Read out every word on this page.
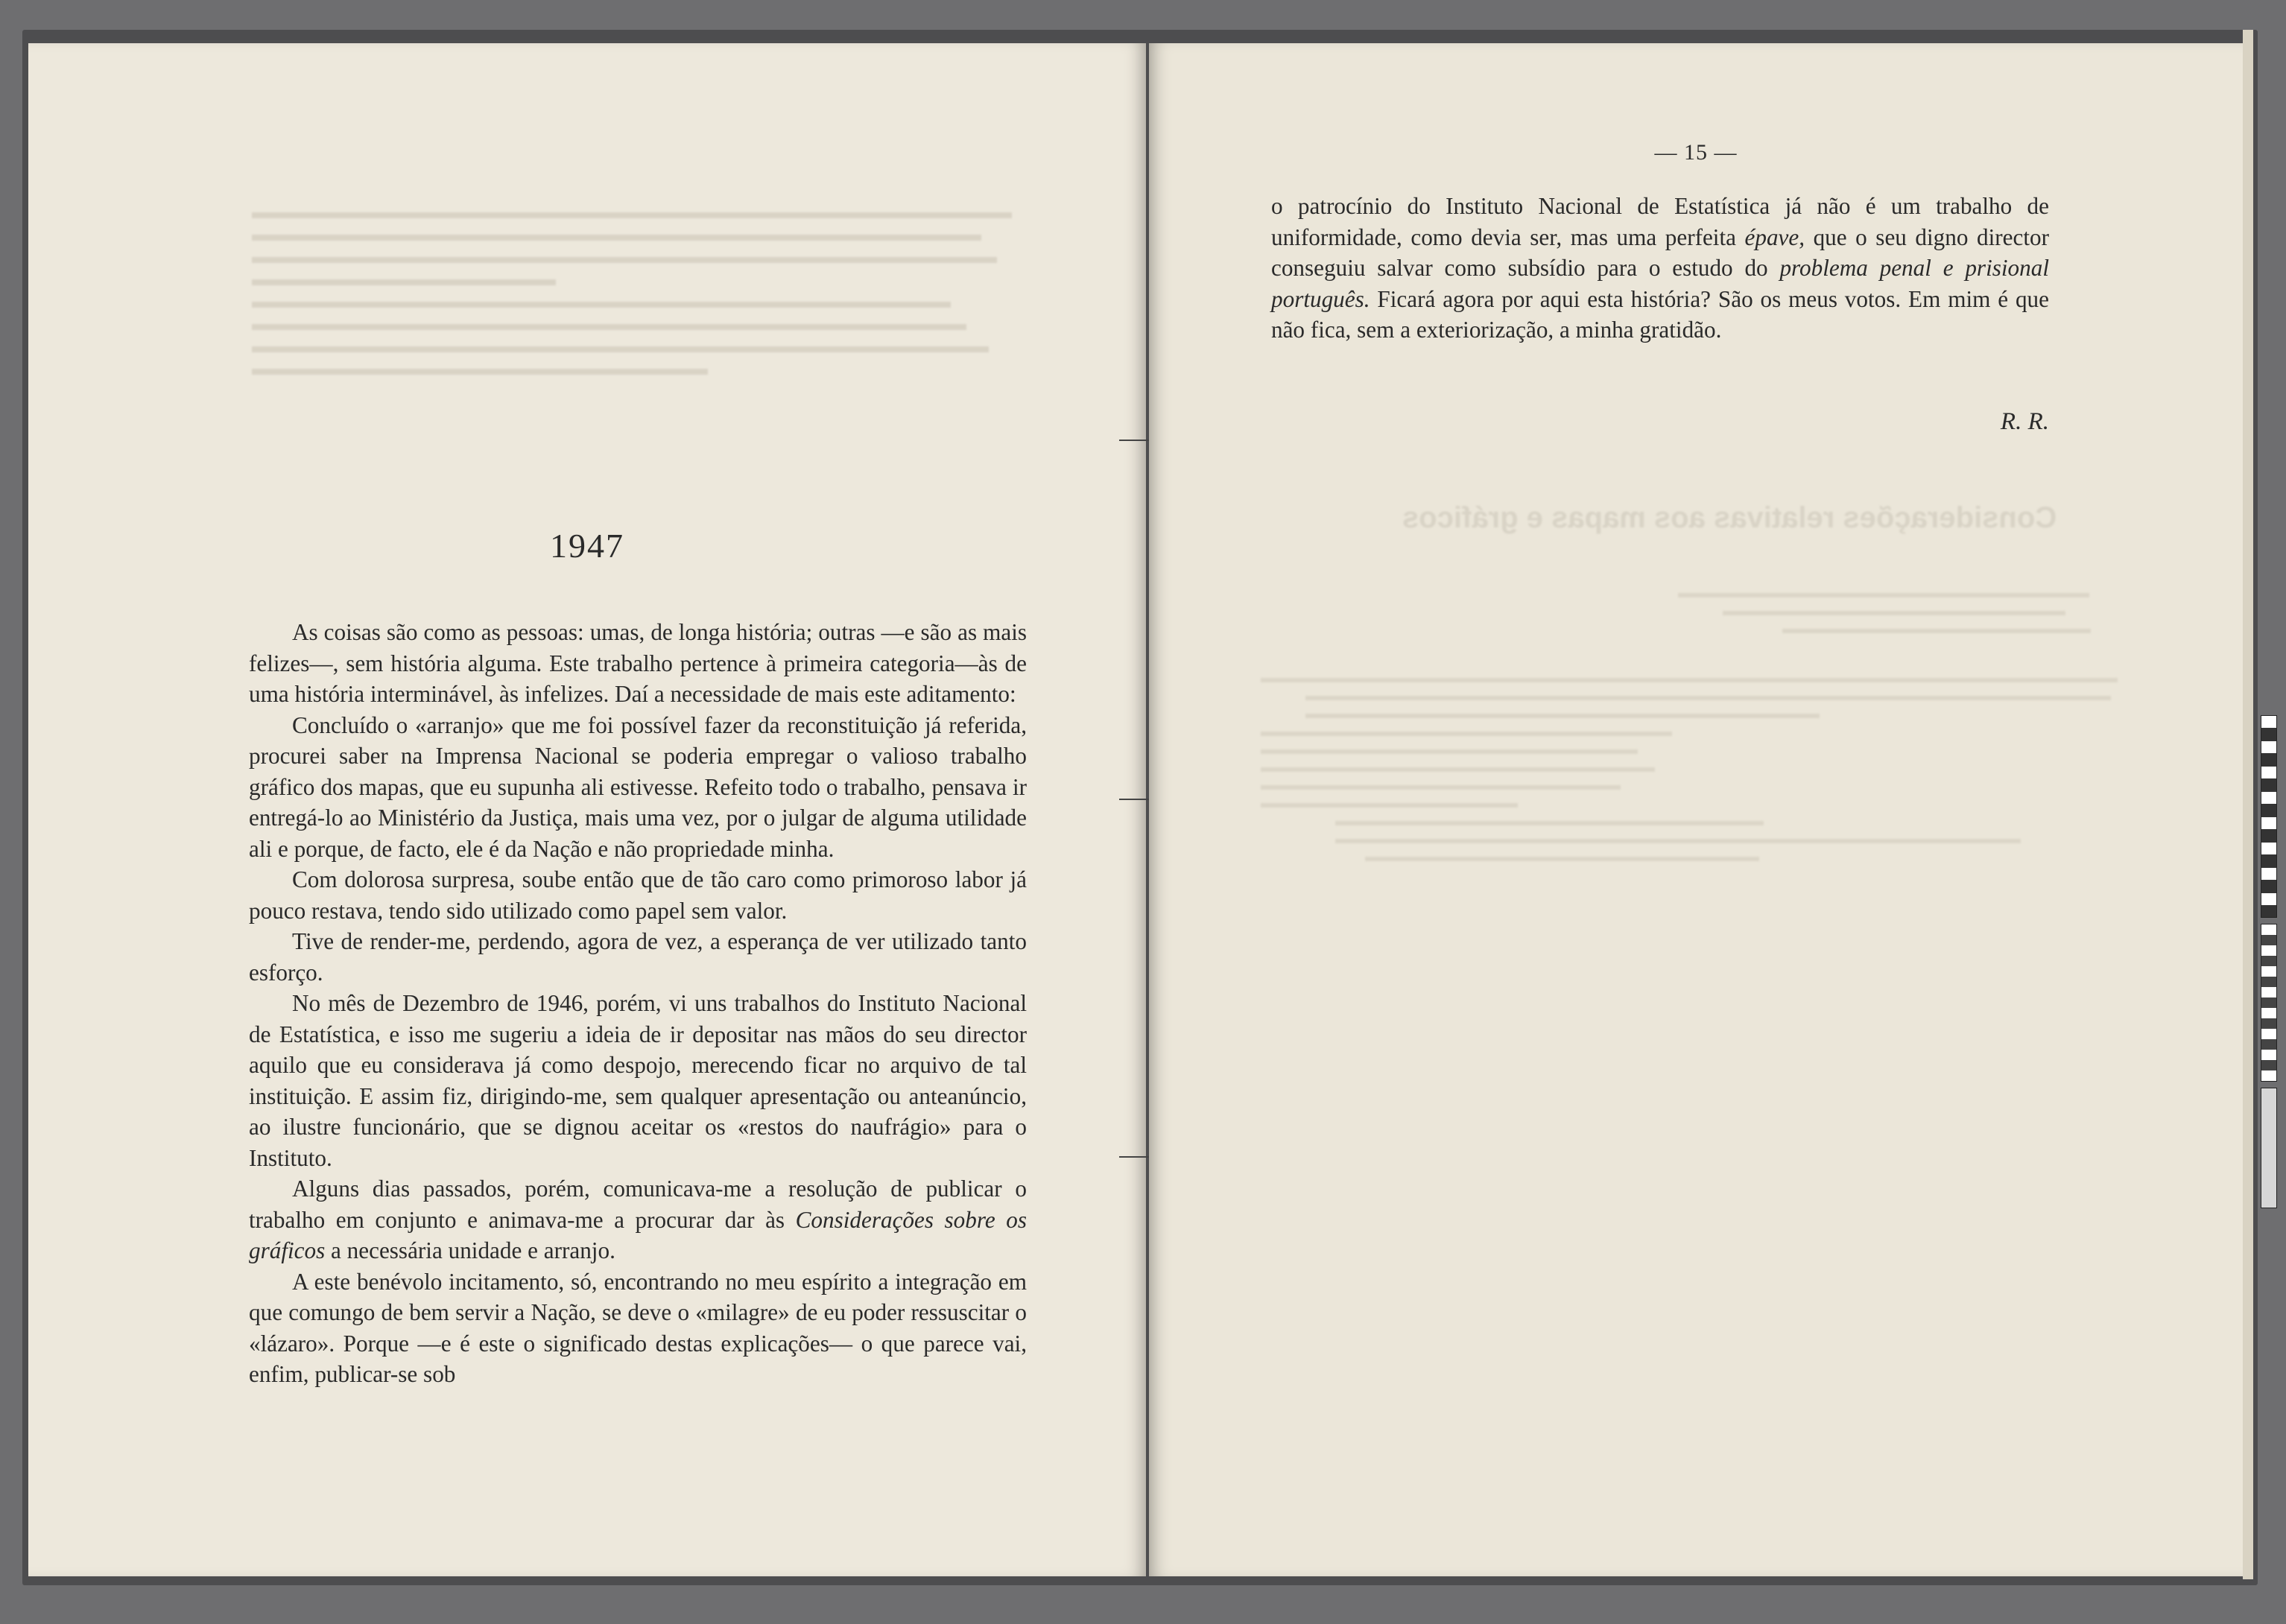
1947

As coisas são como as pessoas: umas, de longa história; outras —e são as mais felizes—, sem história alguma. Este trabalho pertence à primeira categoria—às de uma história interminável, às infelizes. Daí a necessidade de mais este aditamento:

Concluído o «arranjo» que me foi possível fazer da reconstituição já referida, procurei saber na Imprensa Nacional se poderia empregar o valioso trabalho gráfico dos mapas, que eu supunha ali estivesse. Refeito todo o trabalho, pensava ir entregá-lo ao Ministério da Justiça, mais uma vez, por o julgar de alguma utilidade ali e porque, de facto, ele é da Nação e não propriedade minha.

Com dolorosa surpresa, soube então que de tão caro como primoroso labor já pouco restava, tendo sido utilizado como papel sem valor.

Tive de render-me, perdendo, agora de vez, a esperança de ver utilizado tanto esforço.

No mês de Dezembro de 1946, porém, vi uns trabalhos do Instituto Nacional de Estatística, e isso me sugeriu a ideia de ir depositar nas mãos do seu director aquilo que eu considerava já como despojo, merecendo ficar no arquivo de tal instituição. E assim fiz, dirigindo-me, sem qualquer apresentação ou anteanúncio, ao ilustre funcionário, que se dignou aceitar os «restos do naufrágio» para o Instituto.

Alguns dias passados, porém, comunicava-me a resolução de publicar o trabalho em conjunto e animava-me a procurar dar às Considerações sobre os gráficos a necessária unidade e arranjo.

A este benévolo incitamento, só, encontrando no meu espírito a integração em que comungo de bem servir a Nação, se deve o «milagre» de eu poder ressuscitar o «lázaro». Porque —e é este o significado destas explicações— o que parece vai, enfim, publicar-se sob

— 15 —

o patrocínio do Instituto Nacional de Estatística já não é um trabalho de uniformidade, como devia ser, mas uma perfeita épave, que o seu digno director conseguiu salvar como subsídio para o estudo do problema penal e prisional português. Ficará agora por aqui esta história? São os meus votos. Em mim é que não fica, sem a exteriorização, a minha gratidão.

R. R.
Considerações relativas aos mapas e gráficos
